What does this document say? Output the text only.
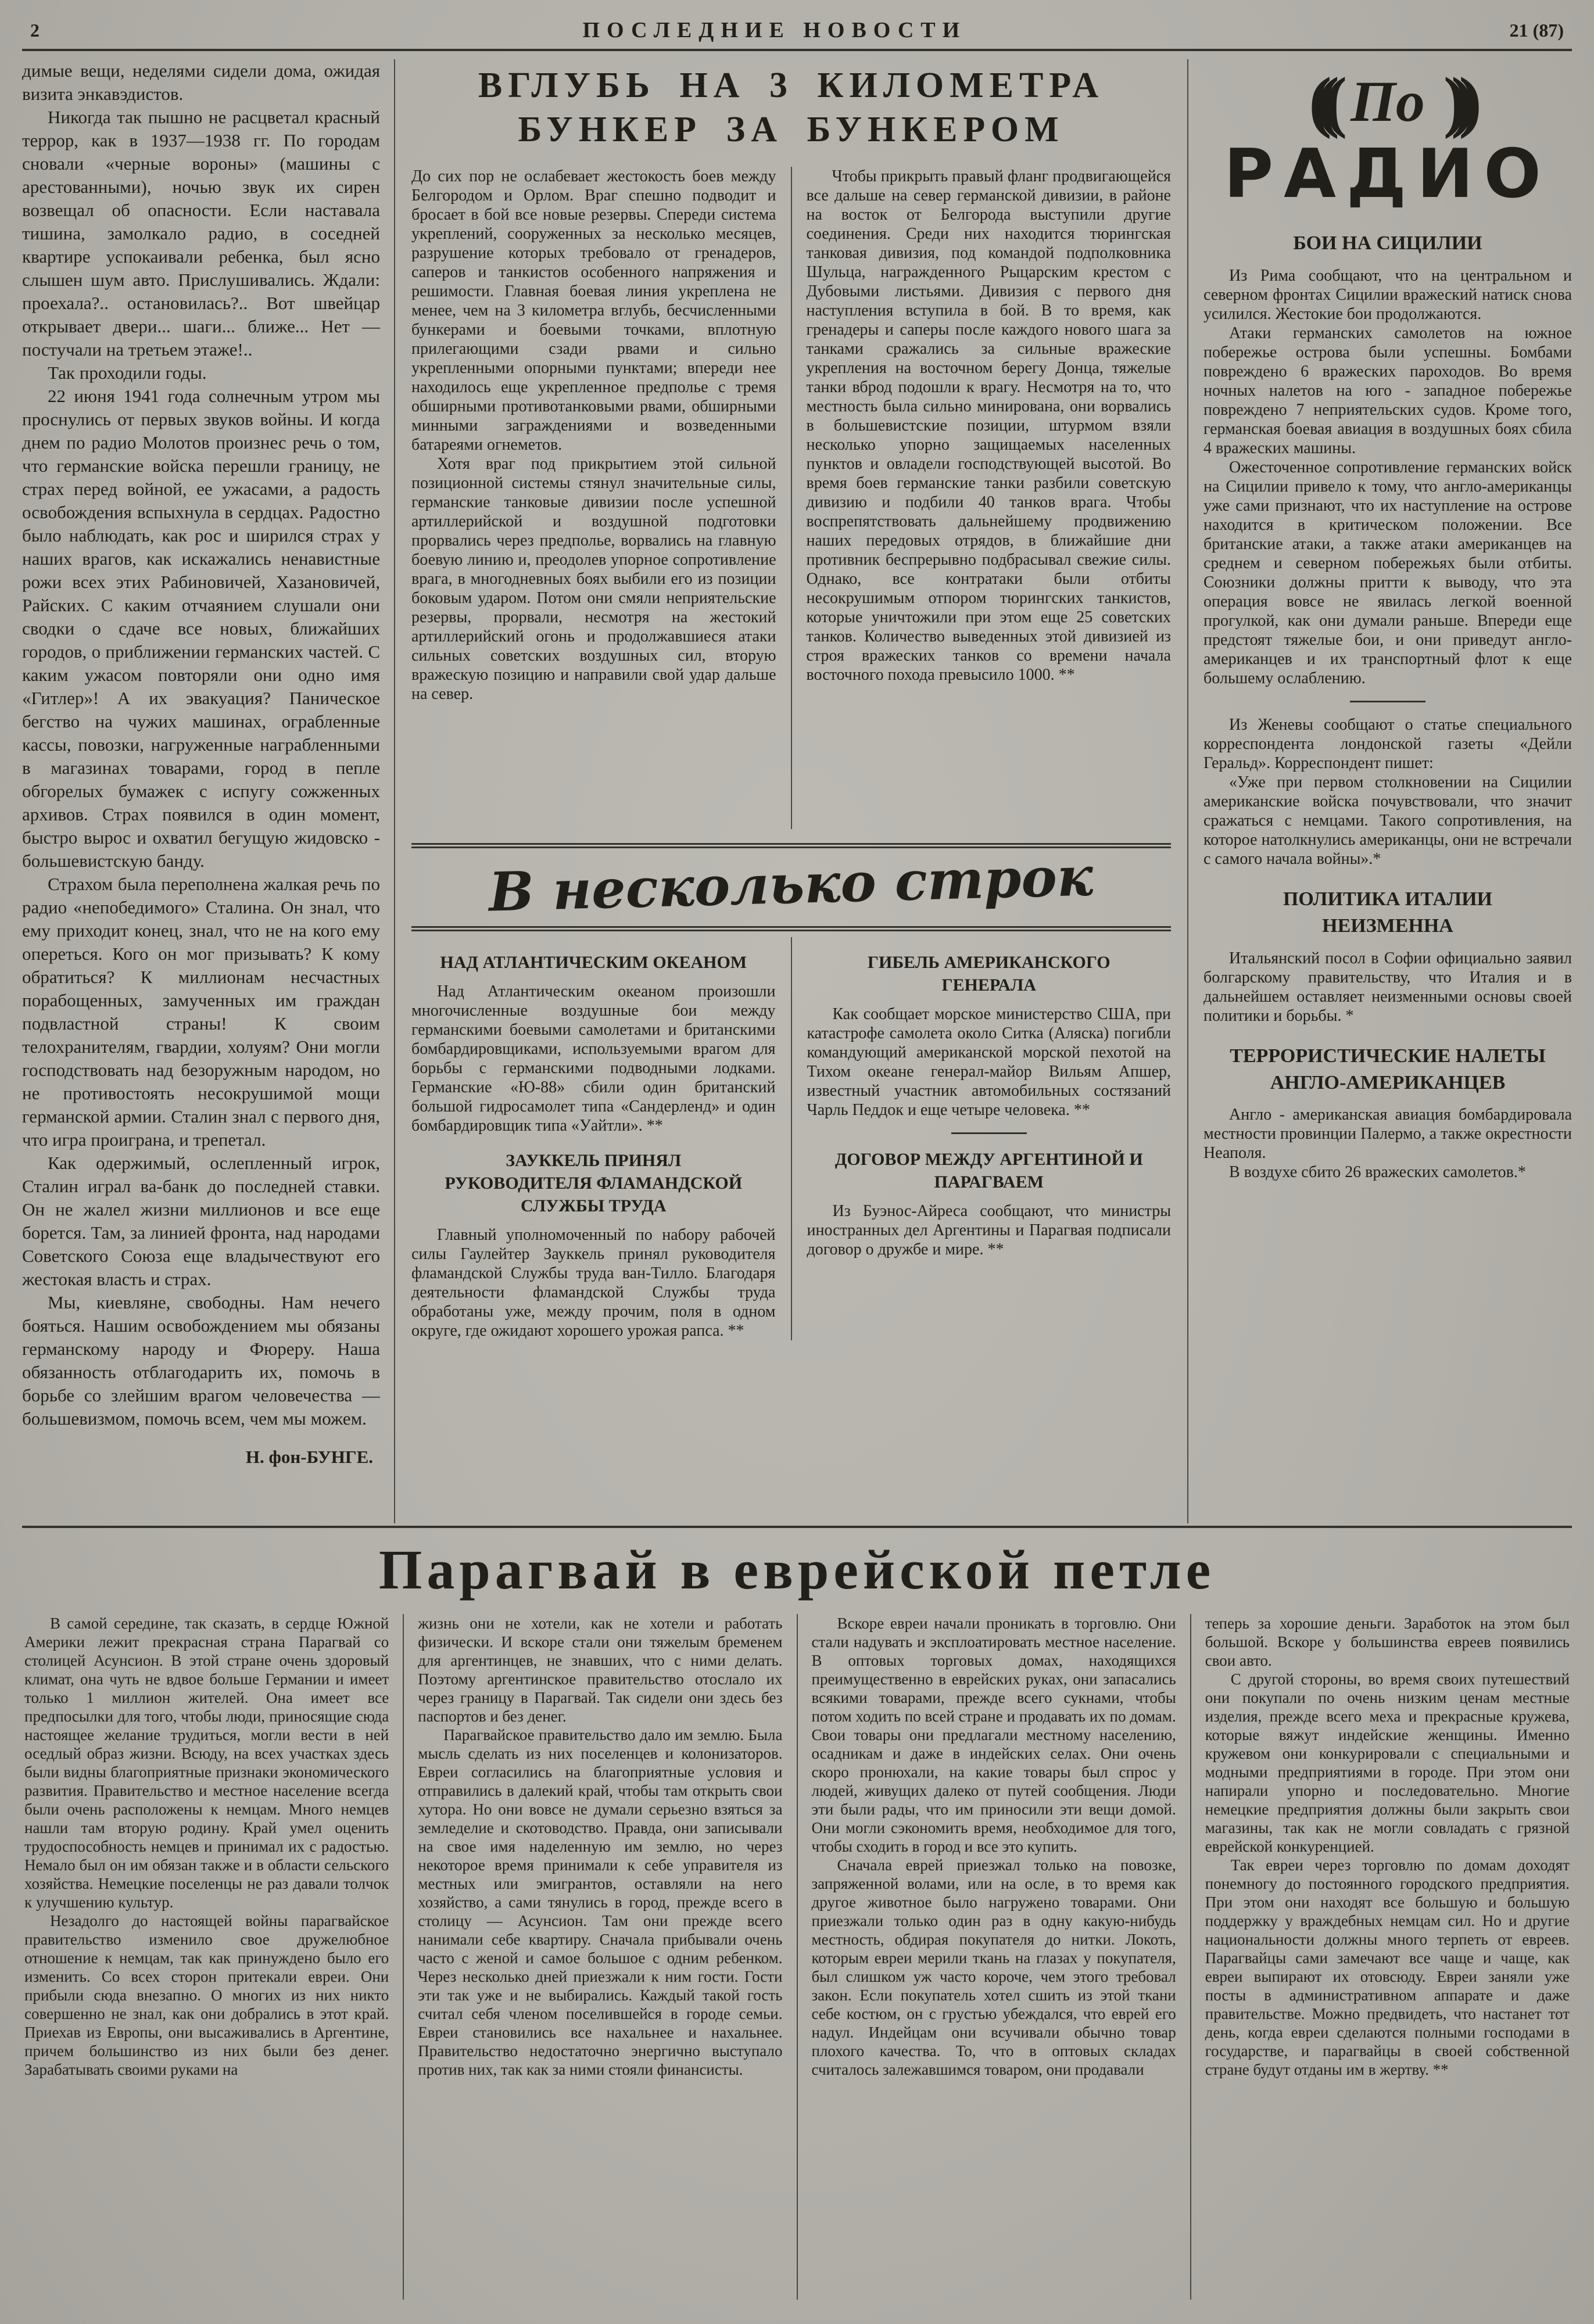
2	ПОСЛЕДНИЕ НОВОСТИ	21 (87)

димые вещи, неделями сидели дома, ожидая визита энкавэдистов.

Никогда так пышно не расцветал красный террор, как в 1937—1938 гг. По городам сновали «черные вороны» (машины с арестованными), ночью звук их сирен возвещал об опасности. Если наставала тишина, замолкало радио, в соседней квартире успокаивали ребенка, был ясно слышен шум авто. Прислушивались. Ждали: проехала?.. остановилась?.. Вот швейцар открывает двери... шаги... ближе... Нет — постучали на третьем этаже!..

Так проходили годы.

22 июня 1941 года солнечным утром мы проснулись от первых звуков войны. И когда днем по радио Молотов произнес речь о том, что германские войска перешли границу, не страх перед войной, ее ужасами, а радость освобождения вспыхнула в сердцах. Радостно было наблюдать, как рос и ширился страх у наших врагов, как искажались ненавистные рожи всех этих Рабиновичей, Хазановичей, Райских. С каким отчаянием слушали они сводки о сдаче все новых, ближайших городов, о приближении германских частей. С каким ужасом повторяли они одно имя «Гитлер»! А их эвакуация? Паническое бегство на чужих машинах, ограбленные кассы, повозки, нагруженные награбленными в магазинах товарами, город в пепле обгорелых бумажек с испугу сожженных архивов. Страх появился в один момент, быстро вырос и охватил бегущую жидовско - большевистскую банду.

Страхом была переполнена жалкая речь по радио «непобедимого» Сталина. Он знал, что ему приходит конец, знал, что не на кого ему опереться. Кого он мог призывать? К кому обратиться? К миллионам несчастных порабощенных, замученных им граждан подвластной страны! К своим телохранителям, гвардии, холуям? Они могли господствовать над безоружным народом, но не противостоять несокрушимой мощи германской армии. Сталин знал с первого дня, что игра проиграна, и трепетал.

Как одержимый, ослепленный игрок, Сталин играл ва-банк до последней ставки. Он не жалел жизни миллионов и все еще борется. Там, за линией фронта, над народами Советского Союза еще владычествуют его жестокая власть и страх.

Мы, киевляне, свободны. Нам нечего бояться. Нашим освобождением мы обязаны германскому народу и Фюреру. Наша обязанность отблагодарить их, помочь в борьбе со злейшим врагом человечества — большевизмом, помочь всем, чем мы можем.

Н. фон-БУНГЕ.

ВГЛУБЬ НА 3 КИЛОМЕТРА
БУНКЕР ЗА БУНКЕРОМ

До сих пор не ослабевает жестокость боев между Белгородом и Орлом. Враг спешно подводит и бросает в бой все новые резервы. Спереди система укреплений, сооруженных за несколько месяцев, разрушение которых требовало от гренадеров, саперов и танкистов особенного напряжения и решимости. Главная боевая линия укреплена не менее, чем на 3 километра вглубь, бесчисленными бункерами и боевыми точками, вплотную прилегающими сзади рвами и сильно укрепленными опорными пунктами; впереди нее находилось еще укрепленное предполье с тремя обширными противотанковыми рвами, обширными минными заграждениями и возведенными батареями огнеметов.

Хотя враг под прикрытием этой сильной позиционной системы стянул значительные силы, германские танковые дивизии после успешной артиллерийской и воздушной подготовки прорвались через предполье, ворвались на главную боевую линию и, преодолев упорное сопротивление врага, в многодневных боях выбили его из позиции боковым ударом. Потом они смяли неприятельские резервы, прорвали, несмотря на жестокий артиллерийский огонь и продолжавшиеся атаки сильных советских воздушных сил, вторую вражескую позицию и направили свой удар дальше на север.

Чтобы прикрыть правый фланг продвигающейся все дальше на север германской дивизии, в районе на восток от Белгорода выступили другие соединения. Среди них находится тюрингская танковая дивизия, под командой подполковника Шульца, награжденного Рыцарским крестом с Дубовыми листьями. Дивизия с первого дня наступления вступила в бой. В то время, как гренадеры и саперы после каждого нового шага за танками сражались за сильные вражеские укрепления на восточном берегу Донца, тяжелые танки вброд подошли к врагу. Несмотря на то, что местность была сильно минирована, они ворвались в большевистские позиции, штурмом взяли несколько упорно защищаемых населенных пунктов и овладели господствующей высотой. Во время боев германские танки разбили советскую дивизию и подбили 40 танков врага. Чтобы воспрепятствовать дальнейшему продвижению наших передовых отрядов, в ближайшие дни противник беспрерывно подбрасывал свежие силы. Однако, все контратаки были отбиты несокрушимым отпором тюрингских танкистов, которые уничтожили при этом еще 25 советских танков. Количество выведенных этой дивизией из строя вражеских танков со времени начала восточного похода превысило 1000. **

В несколько строк
НАД АТЛАНТИЧЕСКИМ ОКЕАНОМ

Над Атлантическим океаном произошли многочисленные воздушные бои между германскими боевыми самолетами и британскими бомбардировщиками, используемыми врагом для борьбы с германскими подводными лодками. Германские «Ю-88» сбили один британский большой гидросамолет типа «Сандерленд» и один бомбардировщик типа «Уайтли». **

ЗАУККЕЛЬ ПРИНЯЛ РУКОВОДИТЕЛЯ ФЛАМАНДСКОЙ СЛУЖБЫ ТРУДА

Главный уполномоченный по набору рабочей силы Гаулейтер Зауккель принял руководителя фламандской Службы труда ван-Тилло. Благодаря деятельности фламандской Службы труда обработаны уже, между прочим, поля в одном округе, где ожидают хорошего урожая рапса. **

ГИБЕЛЬ АМЕРИКАНСКОГО ГЕНЕРАЛА

Как сообщает морское министерство США, при катастрофе самолета около Ситка (Аляска) погибли командующий американской морской пехотой на Тихом океане генерал-майор Вильям Апшер, известный участник автомобильных состязаний Чарль Педдок и еще четыре человека. **

ДОГОВОР МЕЖДУ АРГЕНТИНОЙ И ПАРАГВАЕМ

Из Буэнос-Айреса сообщают, что министры иностранных дел Аргентины и Парагвая подписали договор о дружбе и мире. **

((( По )))
РАДИО
БОИ НА СИЦИЛИИ

Из Рима сообщают, что на центральном и северном фронтах Сицилии вражеский натиск снова усилился. Жестокие бои продолжаются.

Атаки германских самолетов на южное побережье острова были успешны. Бомбами повреждено 6 вражеских пароходов. Во время ночных налетов на юго - западное побережье повреждено 7 неприятельских судов. Кроме того, германская боевая авиация в воздушных боях сбила 4 вражеских машины.

Ожесточенное сопротивление германских войск на Сицилии привело к тому, что англо-американцы уже сами признают, что их наступление на острове находится в критическом положении. Все британские атаки, а также атаки американцев на среднем и северном побережьях были отбиты. Союзники должны притти к выводу, что эта операция вовсе не явилась легкой военной прогулкой, как они думали раньше. Впереди еще предстоят тяжелые бои, и они приведут англо-американцев и их транспортный флот к еще большему ослаблению.

Из Женевы сообщают о статье специального корреспондента лондонской газеты «Дейли Геральд». Корреспондент пишет:

«Уже при первом столкновении на Сицилии американские войска почувствовали, что значит сражаться с немцами. Такого сопротивления, на которое натолкнулись американцы, они не встречали с самого начала войны».*

ПОЛИТИКА ИТАЛИИ НЕИЗМЕННА

Итальянский посол в Софии официально заявил болгарскому правительству, что Италия и в дальнейшем оставляет неизменными основы своей политики и борьбы. *

ТЕРРОРИСТИЧЕСКИЕ НАЛЕТЫ АНГЛО-АМЕРИКАНЦЕВ

Англо - американская авиация бомбардировала местности провинции Палермо, а также окрестности Неаполя.

В воздухе сбито 26 вражеских самолетов.*

Парагвай в еврейской петле

В самой середине, так сказать, в сердце Южной Америки лежит прекрасная страна Парагвай со столицей Асунсион. В этой стране очень здоровый климат, она чуть не вдвое больше Германии и имеет только 1 миллион жителей. Она имеет все предпосылки для того, чтобы люди, приносящие сюда настоящее желание трудиться, могли вести в ней оседлый образ жизни. Всюду, на всех участках здесь были видны благоприятные признаки экономического развития. Правительство и местное население всегда были очень расположены к немцам. Много немцев нашли там вторую родину. Край умел оценить трудоспособность немцев и принимал их с радостью. Немало был он им обязан также и в области сельского хозяйства. Немецкие поселенцы не раз давали толчок к улучшению культур.

Незадолго до настоящей войны парагвайское правительство изменило свое дружелюбное отношение к немцам, так как принуждено было его изменить. Со всех сторон притекали евреи. Они прибыли сюда внезапно. О многих из них никто совершенно не знал, как они добрались в этот край. Приехав из Европы, они высаживались в Аргентине, причем большинство из них были без денег. Зарабатывать своими руками на

жизнь они не хотели, как не хотели и работать физически. И вскоре стали они тяжелым бременем для аргентинцев, не знавших, что с ними делать. Поэтому аргентинское правительство отослало их через границу в Парагвай. Так сидели они здесь без паспортов и без денег.

Парагвайское правительство дало им землю. Была мысль сделать из них поселенцев и колонизаторов. Евреи согласились на благоприятные условия и отправились в далекий край, чтобы там открыть свои хутора. Но они вовсе не думали серьезно взяться за земледелие и скотоводство. Правда, они записывали на свое имя наделенную им землю, но через некоторое время принимали к себе управителя из местных или эмигрантов, оставляли на него хозяйство, а сами тянулись в город, прежде всего в столицу — Асунсион. Там они прежде всего нанимали себе квартиру. Сначала прибывали очень часто с женой и самое большое с одним ребенком. Через несколько дней приезжали к ним гости. Гости эти так уже и не выбирались. Каждый такой гость считал себя членом поселившейся в городе семьи. Евреи становились все нахальнее и нахальнее. Правительство недостаточно энергично выступало против них, так как за ними стояли финансисты.

Вскоре евреи начали проникать в торговлю. Они стали надувать и эксплоатировать местное население. В оптовых торговых домах, находящихся преимущественно в еврейских руках, они запасались всякими товарами, прежде всего сукнами, чтобы потом ходить по всей стране и продавать их по домам. Свои товары они предлагали местному населению, осадникам и даже в индейских селах. Они очень скоро пронюхали, на какие товары был спрос у людей, живущих далеко от путей сообщения. Люди эти были рады, что им приносили эти вещи домой. Они могли сэкономить время, необходимое для того, чтобы сходить в город и все это купить.

Сначала еврей приезжал только на повозке, запряженной волами, или на осле, в то время как другое животное было нагружено товарами. Они приезжали только один раз в одну какую-нибудь местность, обдирая покупателя до нитки. Локоть, которым евреи мерили ткань на глазах у покупателя, был слишком уж часто короче, чем этого требовал закон. Если покупатель хотел сшить из этой ткани себе костюм, он с грустью убеждался, что еврей его надул. Индейцам они всучивали обычно товар плохого качества. То, что в оптовых складах считалось залежавшимся товаром, они продавали

теперь за хорошие деньги. Заработок на этом был большой. Вскоре у большинства евреев появились свои авто.

С другой стороны, во время своих путешествий они покупали по очень низким ценам местные изделия, прежде всего меха и прекрасные кружева, которые вяжут индейские женщины. Именно кружевом они конкурировали с специальными и модными предприятиями в городе. При этом они напирали упорно и последовательно. Многие немецкие предприятия должны были закрыть свои магазины, так как не могли совладать с грязной еврейской конкуренцией.

Так евреи через торговлю по домам доходят понемногу до постоянного городского предприятия. При этом они находят все большую и большую поддержку у враждебных немцам сил. Но и другие национальности должны много терпеть от евреев. Парагвайцы сами замечают все чаще и чаще, как евреи выпирают их отовсюду. Евреи заняли уже посты в административном аппарате и даже правительстве. Можно предвидеть, что настанет тот день, когда евреи сделаются полными господами в государстве, и парагвайцы в своей собственной стране будут отданы им в жертву. **
